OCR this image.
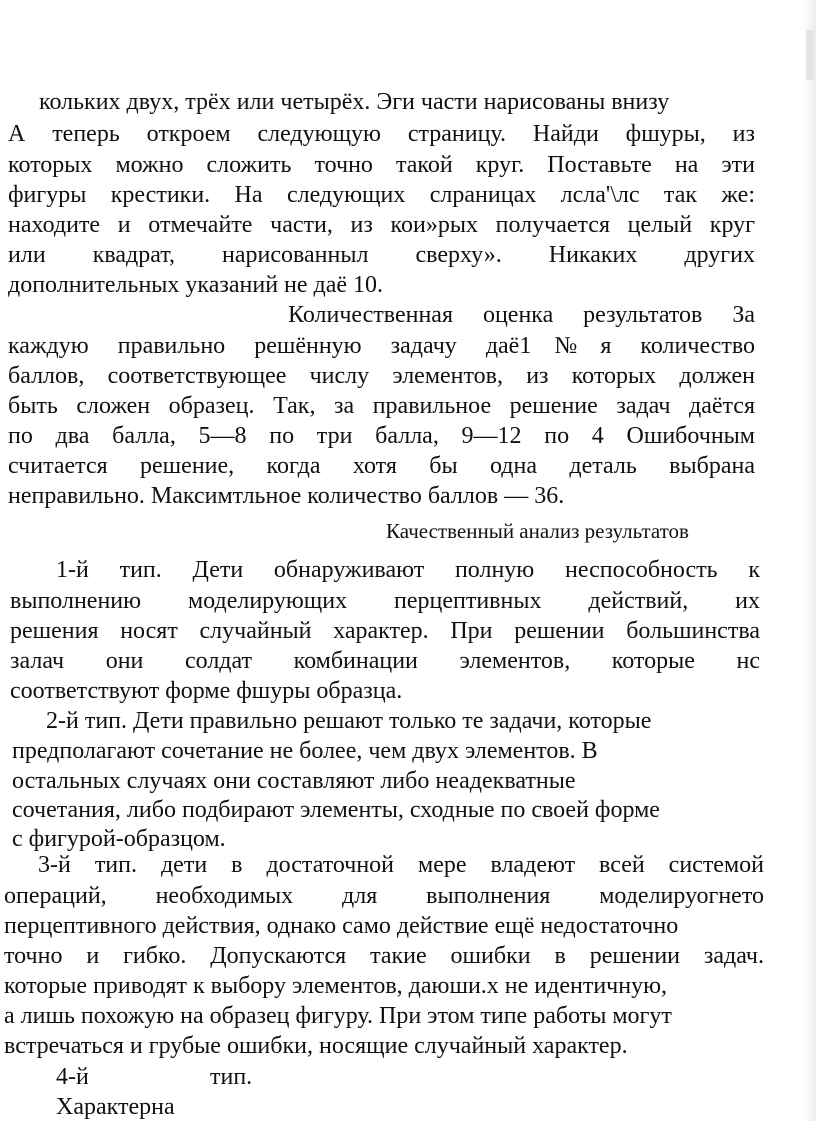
кольких двух, трёх или четырёх. Эги части нарисованы внизу
А теперь откроем следующую страницу. Найди фшуры, из
которых можно сложить точно такой круг. Поставьте на эти
фигуры крестики. На следующих слраницах лсла'\лс так же:
находите и отмечайте части, из кои»рых получается целый круг
или квадрат, нарисованныл сверху». Никаких других
дополнительных указаний не даё 10.
Количественная оценка результатов За
каждую правильно решённую задачу даё1№я количество
баллов, соответствующее числу элементов, из которых должен
быть сложен образец. Так, за правильное решение задач даётся
по два балла, 5—8 по три балла, 9—12 по 4 Ошибочным
считается решение, когда хотя бы одна деталь выбрана
неправильно. Максимтльное количество баллов — 36.
Качественный анализ результатов
1-й тип. Дети обнаруживают полную неспособность к
выполнению моделирующих перцептивных действий, их
решения носят случайный характер. При решении большинства
залач они солдат комбинации элементов, которые нс
соответствуют форме фшуры образца.
2-й тип. Дети правильно решают только те задачи, которые
предполагают сочетание не более, чем двух элементов. В
остальных случаях они составляют либо неадекватные
сочетания, либо подбирают элементы, сходные по своей форме
с фигурой-образцом.
3-й тип. дети в достаточной мере владеют всей системой
операций, необходимых для выполнения моделируогнето
перцептивного действия, однако само действие ещё недостаточно
точно и гибко. Допускаются такие ошибки в решении задач.
которые приводят к выбору элементов, даюши.х не идентичную,
а лишь похожую на образец фигуру. При этом типе работы могут
встречаться и грубые ошибки, носящие случайный характер.
4-й	тип.
Характерна
